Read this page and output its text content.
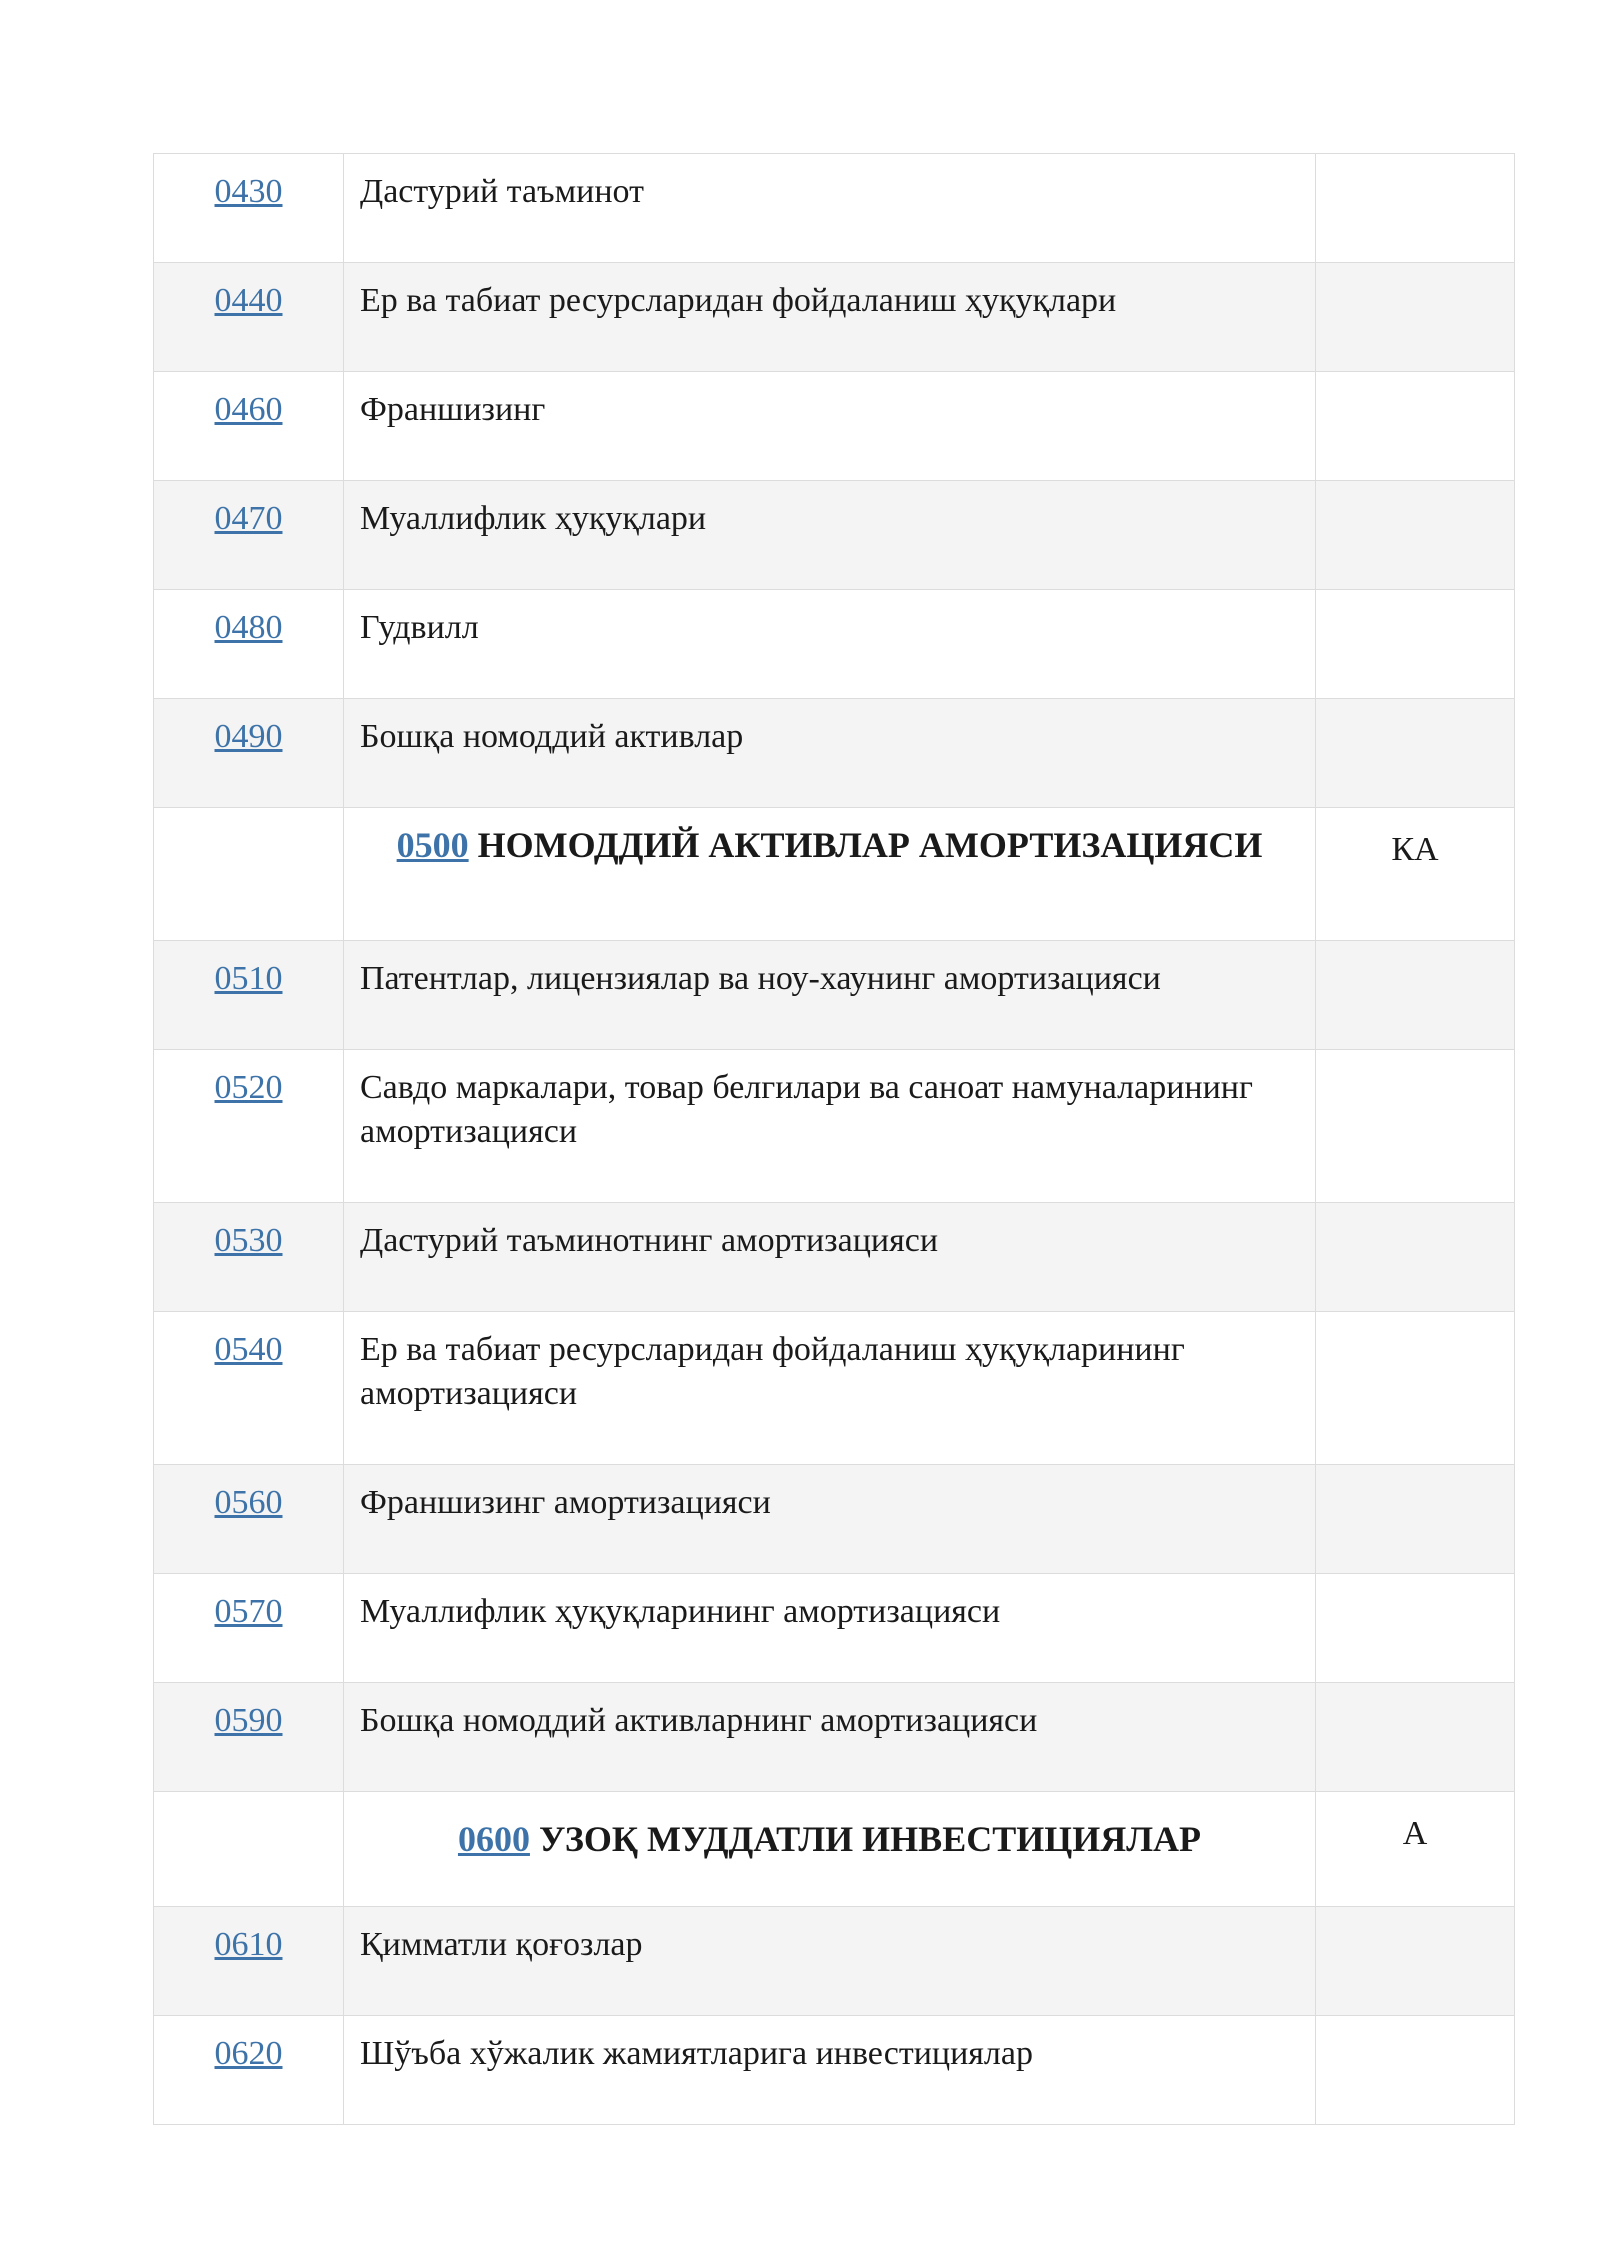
0430	Дастурий таъминот	
0440	Ер ва табиат ресурсларидан фойдаланиш ҳуқуқлари	
0460	Франшизинг	
0470	Муаллифлик ҳуқуқлари	
0480	Гудвилл	
0490	Бошқа номоддий активлар	
	0500 НОМОДДИЙ АКТИВЛАР АМОРТИЗАЦИЯСИ	КА
0510	Патентлар, лицензиялар ва ноу-хаунинг амортизацияси	
0520	Савдо маркалари, товар белгилари ва саноат намуналарининг амортизацияси	
0530	Дастурий таъминотнинг амортизацияси	
0540	Ер ва табиат ресурсларидан фойдаланиш ҳуқуқларининг амортизацияси	
0560	Франшизинг амортизацияси	
0570	Муаллифлик ҳуқуқларининг амортизацияси	
0590	Бошқа номоддий активларнинг амортизацияси	
	0600 УЗОҚ МУДДАТЛИ ИНВЕСТИЦИЯЛАР	А
0610	Қимматли қоғозлар	
0620	Шўъба хўжалик жамиятларига инвестициялар	
